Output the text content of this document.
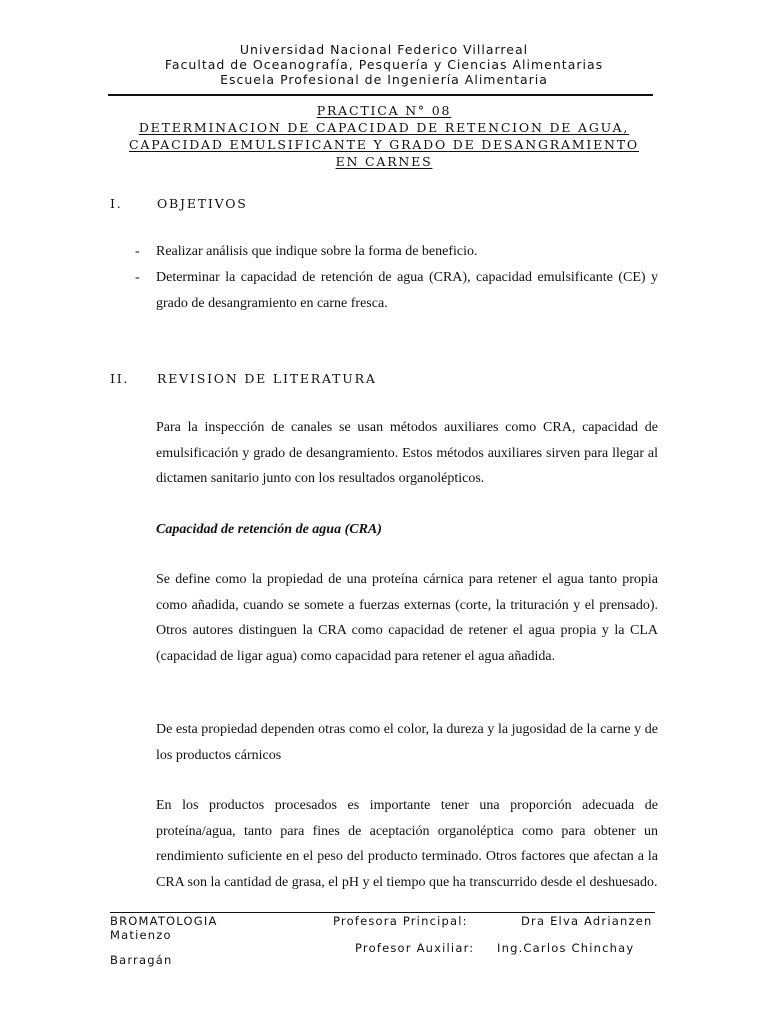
Universidad Nacional Federico Villarreal
Facultad de Oceanografía, Pesquería y Ciencias Alimentarias
Escuela Profesional de Ingeniería Alimentaria
PRACTICA N° 08
DETERMINACION DE CAPACIDAD DE RETENCION DE AGUA,
CAPACIDAD EMULSIFICANTE Y GRADO DE DESANGRAMIENTO
EN CARNES
I.	OBJETIVOS
- Realizar análisis que indique sobre la forma de beneficio.
- Determinar la capacidad de retención de agua (CRA), capacidad emulsificante (CE) y grado de desangramiento en carne fresca.
II. REVISION DE LITERATURA
Para la inspección de canales se usan métodos auxiliares como CRA, capacidad de emulsificación y grado de desangramiento. Estos métodos auxiliares sirven para llegar al dictamen sanitario junto con los resultados organolépticos.
Capacidad de retención de agua (CRA)
Se define como la propiedad de una proteína cárnica para retener el agua tanto propia como añadida, cuando se somete a fuerzas externas (corte, la trituración y el prensado). Otros autores distinguen la CRA como capacidad de retener el agua propia y la CLA (capacidad de ligar agua) como capacidad para retener el agua añadida.
De esta propiedad dependen otras como el color, la dureza y la jugosidad de la carne y de los productos cárnicos
En los productos procesados es importante tener una proporción adecuada de proteína/agua, tanto para fines de aceptación organoléptica como para obtener un rendimiento suficiente en el peso del producto terminado. Otros factores que afectan a la CRA son la cantidad de grasa, el pH y el tiempo que ha transcurrido desde el deshuesado.
BROMATOLOGIA	Profesora Principal:	Dra Elva Adrianzen
Matienzo
Profesor Auxiliar: Ing.Carlos Chinchay
Barragán
